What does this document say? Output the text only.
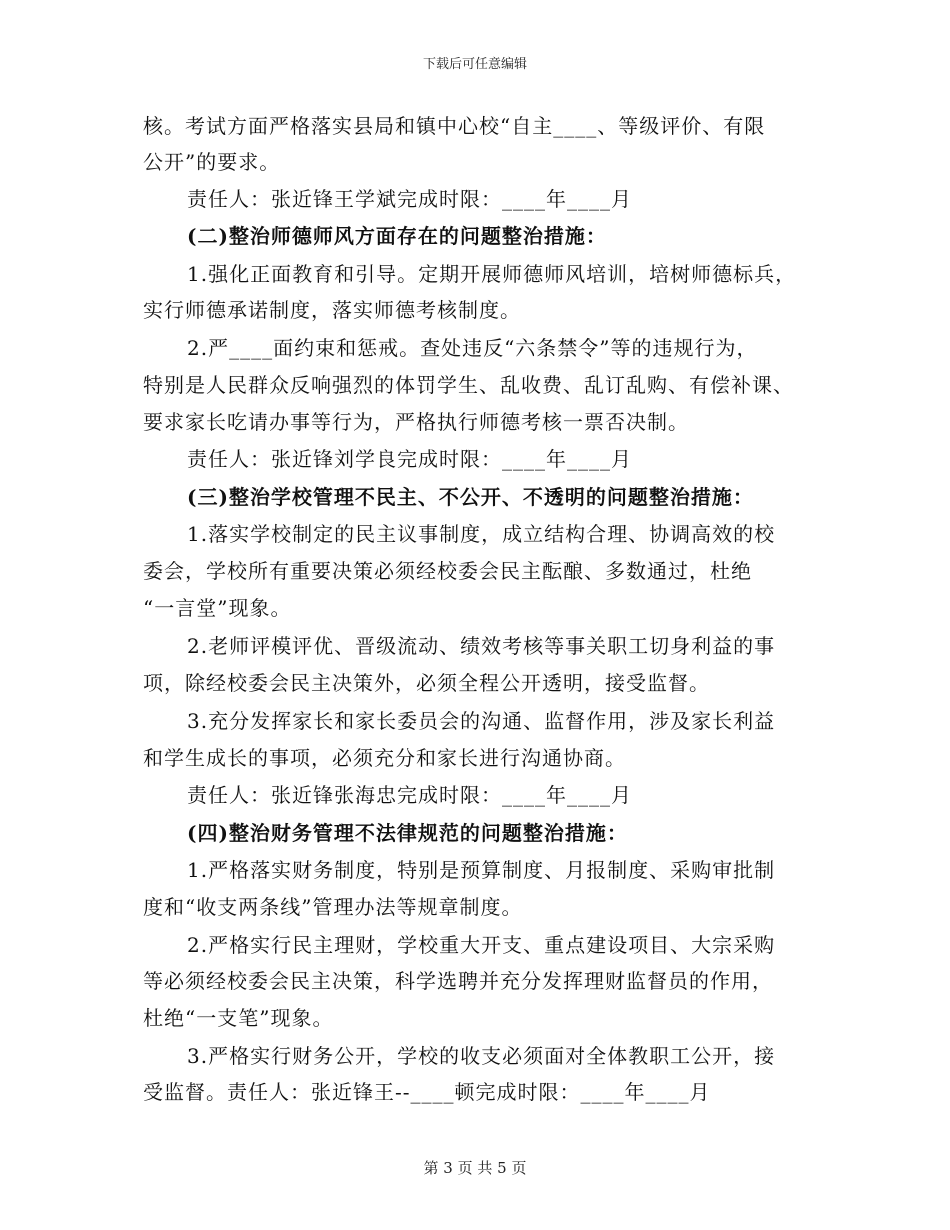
下载后可任意编辑
核。考试方面严格落实县局和镇中心校“自主____、等级评价、有限
公开”的要求。
责任人：张近锋王学斌完成时限：____年____月
(二)整治师德师风方面存在的问题整治措施：
1.强化正面教育和引导。定期开展师德师风培训，培树师德标兵，
实行师德承诺制度，落实师德考核制度。
2.严____面约束和惩戒。查处违反“六条禁令”等的违规行为，
特别是人民群众反响强烈的体罚学生、乱收费、乱订乱购、有偿补课、
要求家长吃请办事等行为，严格执行师德考核一票否决制。
责任人：张近锋刘学良完成时限：____年____月
(三)整治学校管理不民主、不公开、不透明的问题整治措施：
1.落实学校制定的民主议事制度，成立结构合理、协调高效的校
委会，学校所有重要决策必须经校委会民主酝酿、多数通过，杜绝
“一言堂”现象。
2.老师评模评优、晋级流动、绩效考核等事关职工切身利益的事
项，除经校委会民主决策外，必须全程公开透明，接受监督。
3.充分发挥家长和家长委员会的沟通、监督作用，涉及家长利益
和学生成长的事项，必须充分和家长进行沟通协商。
责任人：张近锋张海忠完成时限：____年____月
(四)整治财务管理不法律规范的问题整治措施：
1.严格落实财务制度，特别是预算制度、月报制度、采购审批制
度和“收支两条线”管理办法等规章制度。
2.严格实行民主理财，学校重大开支、重点建设项目、大宗采购
等必须经校委会民主决策，科学选聘并充分发挥理财监督员的作用，
杜绝“一支笔”现象。
3.严格实行财务公开，学校的收支必须面对全体教职工公开，接
受监督。责任人：张近锋王--____顿完成时限：____年____月
第 3 页 共 5 页
